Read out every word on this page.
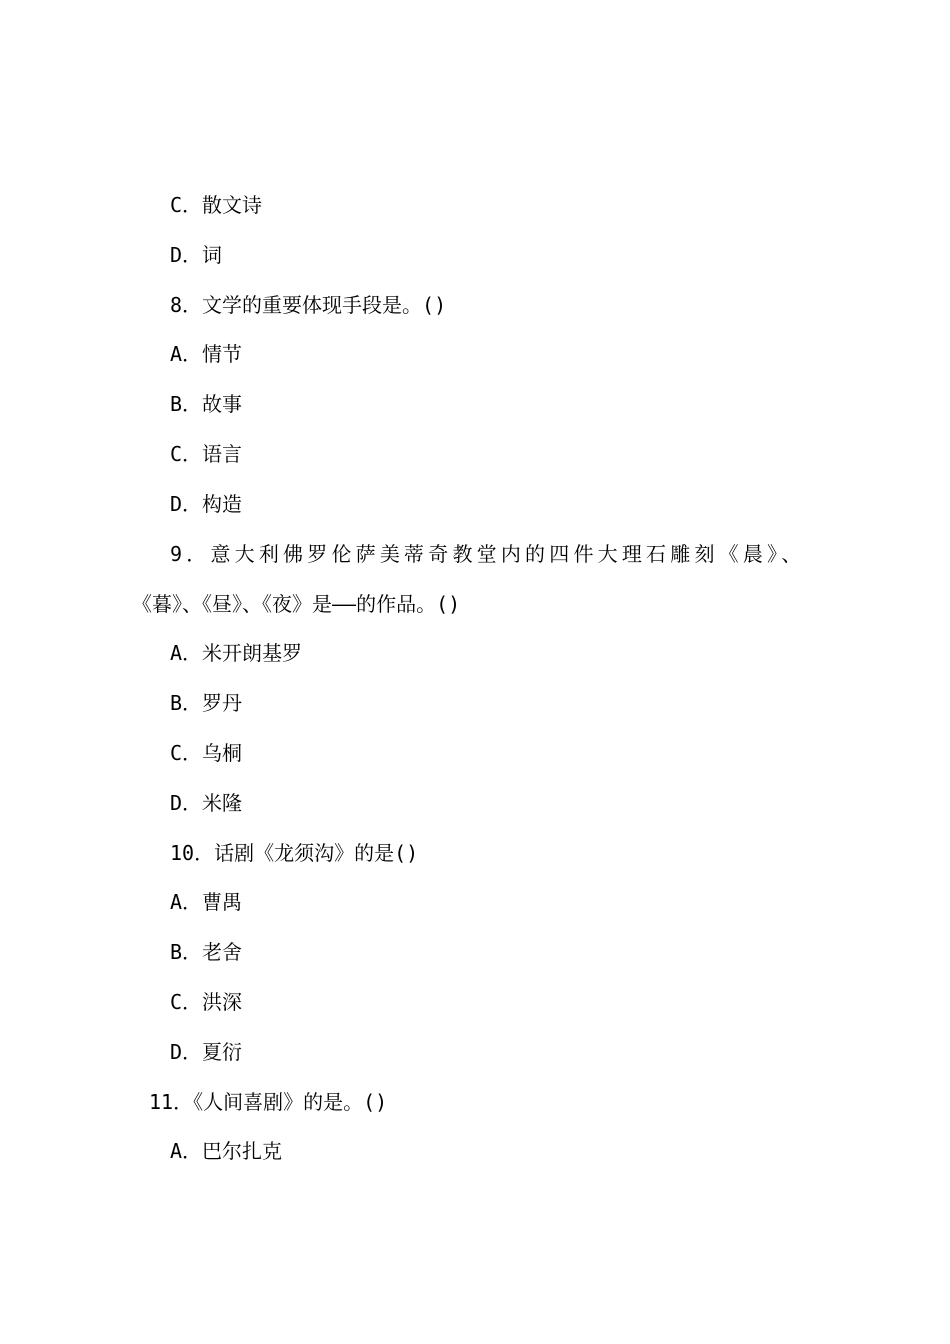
C．散文诗
D．词
8．文学的重要体现手段是。()
A．情节
B．故事
C．语言
D．构造
9．意大利佛罗伦萨美蒂奇教堂内的四件大理石雕刻《晨》、
《暮》、《昼》、《夜》是——的作品。()
A．米开朗基罗
B．罗丹
C．乌桐
D．米隆
10．话剧《龙须沟》的是()
A．曹禺
B．老舍
C．洪深
D．夏衍
11．《人间喜剧》的是。()
A．巴尔扎克
